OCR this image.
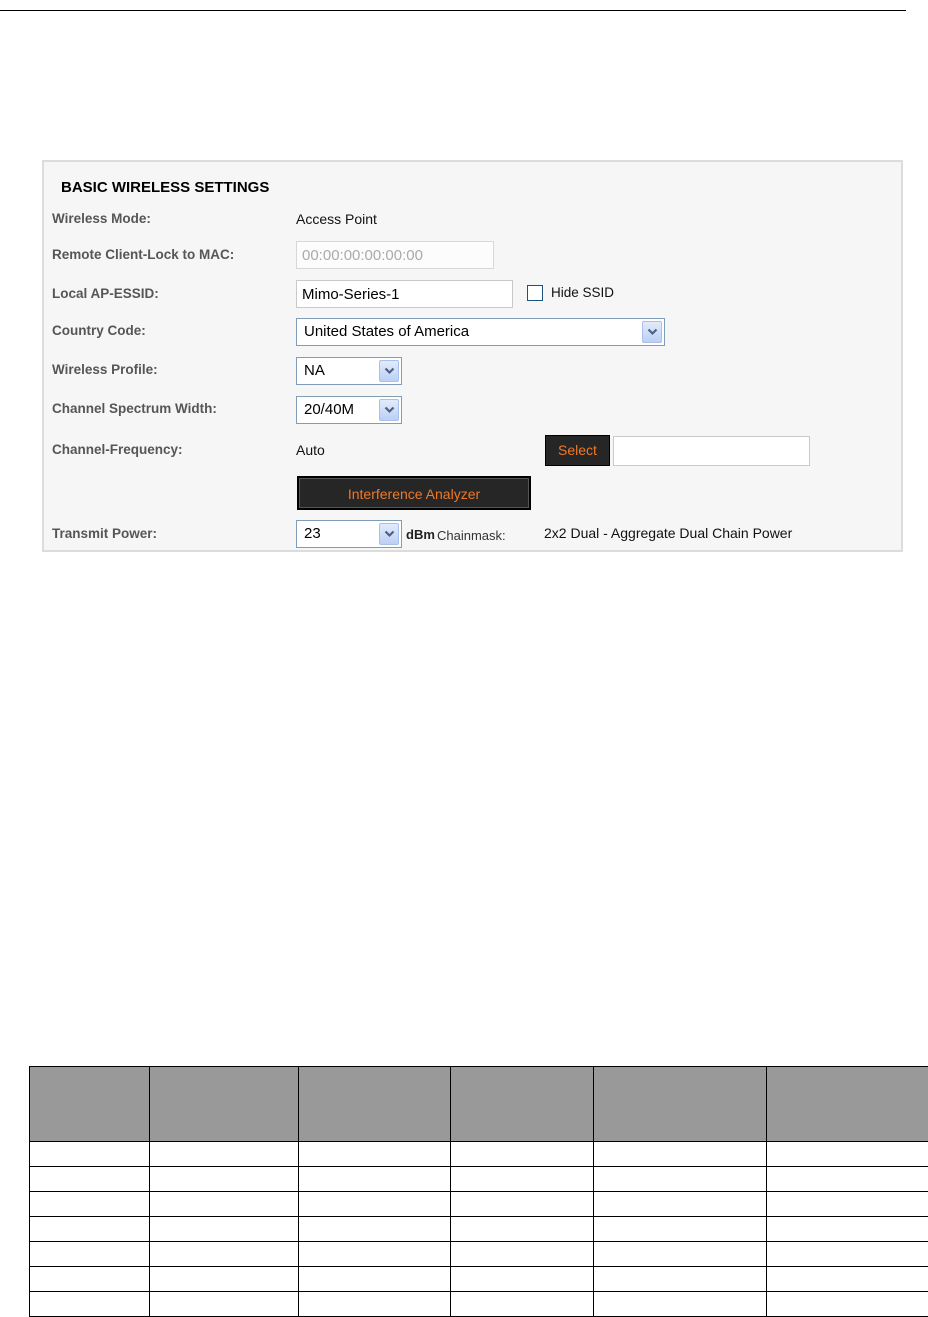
BASIC WIRELESS SETTINGS
Wireless Mode:	Access Point
Remote Client-Lock to MAC:
00:00:00:00:00:00
Local AP-ESSID:
Mimo-Series-1	Hide SSID
Country Code:	United States of America
Wireless Profile:	NA
Channel Spectrum Width:	20/40M
Channel-Frequency:	Auto	Select
Interference Analyzer
Transmit Power:	23	dBm Chainmask:	2x2 Dual - Aggregate Dual Chain Power
